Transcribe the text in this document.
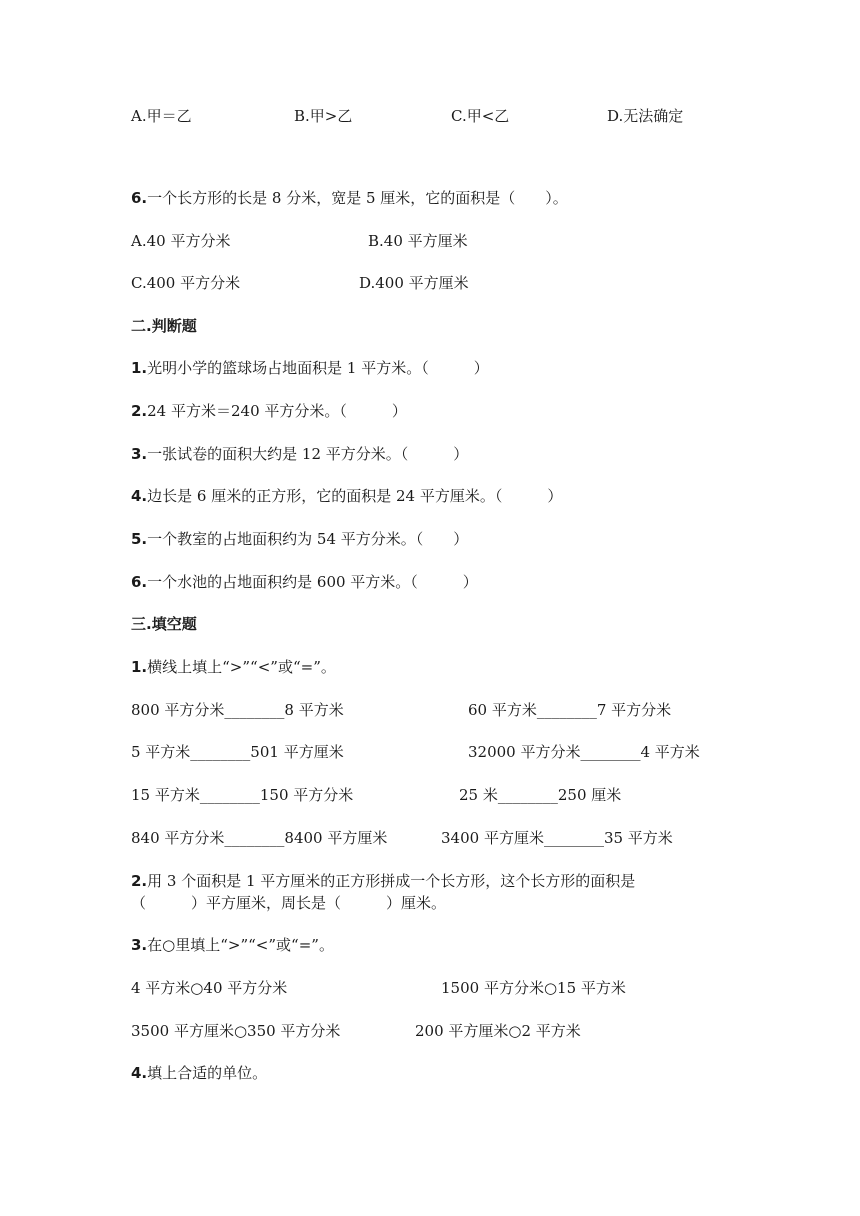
A.甲＝乙	B.甲>乙	C.甲<乙	D.无法确定
6.一个长方形的长是 8 分米，宽是 5 厘米，它的面积是（　　）。
A.40 平方分米	B.40 平方厘米
C.400 平方分米	D.400 平方厘米
二.判断题
1.光明小学的篮球场占地面积是 1 平方米。（　　　）
2.24 平方米＝240 平方分米。（　　　）
3.一张试卷的面积大约是 12 平方分米。（　　　）
4.边长是 6 厘米的正方形，它的面积是 24 平方厘米。（　　　）
5.一个教室的占地面积约为 54 平方分米。（　　）
6.一个水池的占地面积约是 600 平方米。（　　　）
三.填空题
1.横线上填上“>”“<”或“=”。
800 平方分米________8 平方米	60 平方米________7 平方分米
5 平方米________501 平方厘米	32000 平方分米________4 平方米
15 平方米________150 平方分米	25 米________250 厘米
840 平方分米________8400 平方厘米	3400 平方厘米________35 平方米
2.用 3 个面积是 1 平方厘米的正方形拼成一个长方形，这个长方形的面积是
（　　　）平方厘米，周长是（　　　）厘米。
3.在○里填上“>”“<”或“=”。
4 平方米○40 平方分米	1500 平方分米○15 平方米
3500 平方厘米○350 平方分米	200 平方厘米○2 平方米
4.填上合适的单位。
